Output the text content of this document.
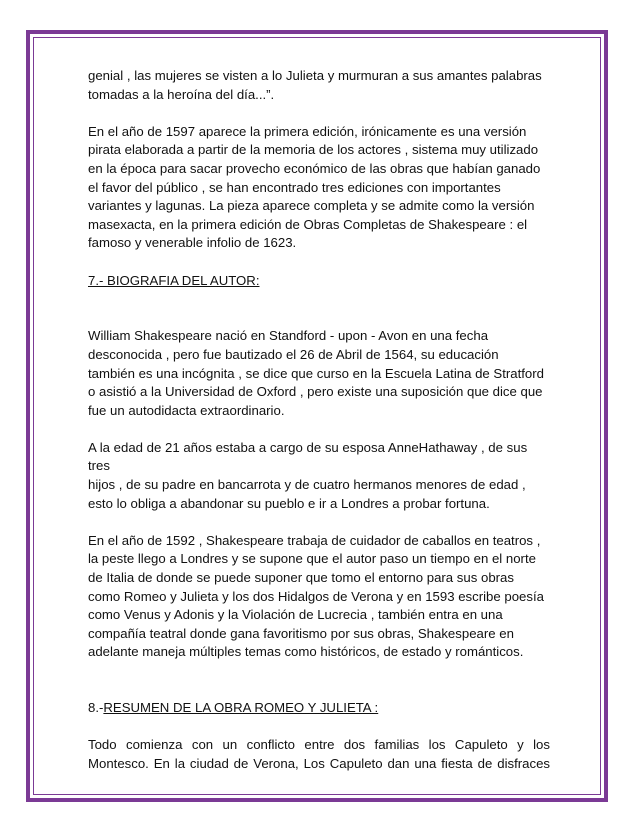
genial , las mujeres se visten a lo Julieta y murmuran a sus amantes palabras
tomadas a la heroína del día...”.
En el año de 1597 aparece la primera edición, irónicamente es una versión
pirata elaborada a partir de la memoria de los actores , sistema muy utilizado
en la época para sacar provecho económico de las obras que habían ganado
el favor del público , se han encontrado tres ediciones con importantes
variantes y lagunas. La pieza aparece completa y se admite como la versión
masexacta, en la primera edición de Obras Completas de Shakespeare : el
famoso y venerable infolio de 1623.
7.- BIOGRAFIA DEL AUTOR:
William Shakespeare nació en Standford - upon - Avon en una fecha
desconocida , pero fue bautizado el 26 de Abril de 1564, su educación
también es una incógnita , se dice que curso en la Escuela Latina de Stratford
o asistió a la Universidad de Oxford , pero existe una suposición que dice que
fue un autodidacta extraordinario.
A la edad de 21 años estaba a cargo de su esposa AnneHathaway , de sus tres
hijos , de su padre en bancarrota y de cuatro hermanos menores de edad ,
esto lo obliga a abandonar su pueblo e ir a Londres a probar fortuna.
En el año de 1592 , Shakespeare trabaja de cuidador de caballos en teatros ,
la peste llego a Londres y se supone que el autor paso un tiempo en el norte
de Italia de donde se puede suponer que tomo el entorno para sus obras
como Romeo y Julieta y los dos Hidalgos de Verona y en 1593 escribe poesía
como Venus y Adonis y la Violación de Lucrecia , también entra en una
compañía teatral donde gana favoritismo por sus obras, Shakespeare en
adelante maneja múltiples temas como históricos, de estado y románticos.
8.-RESUMEN DE LA OBRA ROMEO Y JULIETA :
Todo comienza con un conflicto entre dos familias los Capuleto y los
Montesco. En la ciudad de Verona, Los Capuleto dan una fiesta de disfraces
